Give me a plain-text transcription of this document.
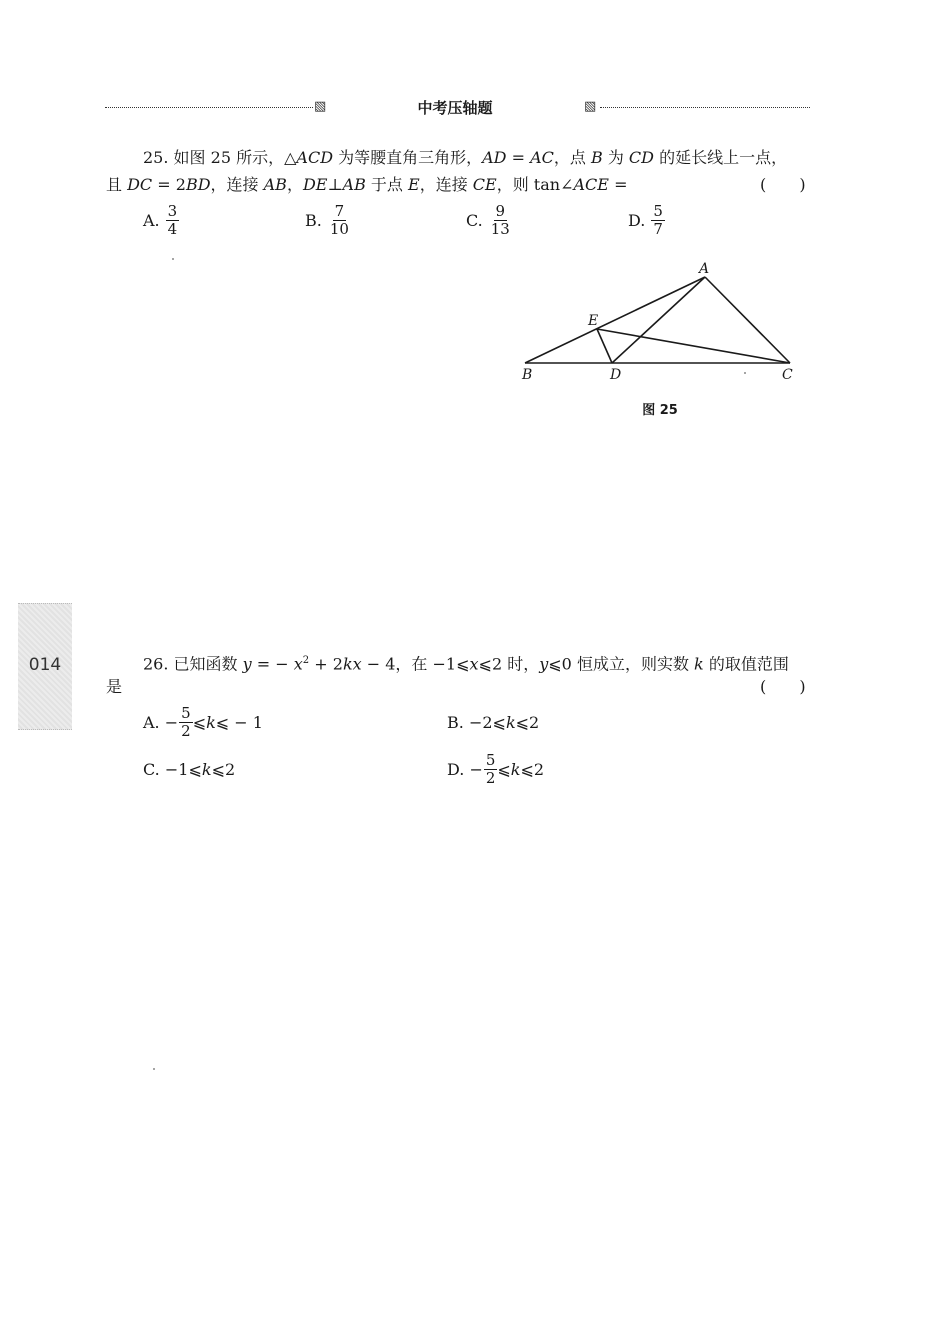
▧	中考压轴题	▧
25. 如图 25 所示，△ACD 为等腰直角三角形，AD = AC，点 B 为 CD 的延长线上一点，
且 DC = 2BD，连接 AB，DE⊥AB 于点 E，连接 CE，则 tan∠ACE =	( )
A. $\frac{3}{4}$	B. $\frac{7}{10}$	C. $\frac{9}{13}$	D. $\frac{5}{7}$
A
E
B	D	C
图 25
014	26. 已知函数 y = − $x^2 + 2kx - 4$，在 −1⩽x⩽2 时，y⩽0 恒成立，则实数 k 的取值范围
是	( )
A.
− $\frac{5}{2}$ ⩽ k ⩽ − 1	B.
−2⩽ k ⩽2
C.
−1⩽ k ⩽2	D.
− $\frac{5}{2}$ ⩽ k ⩽2
